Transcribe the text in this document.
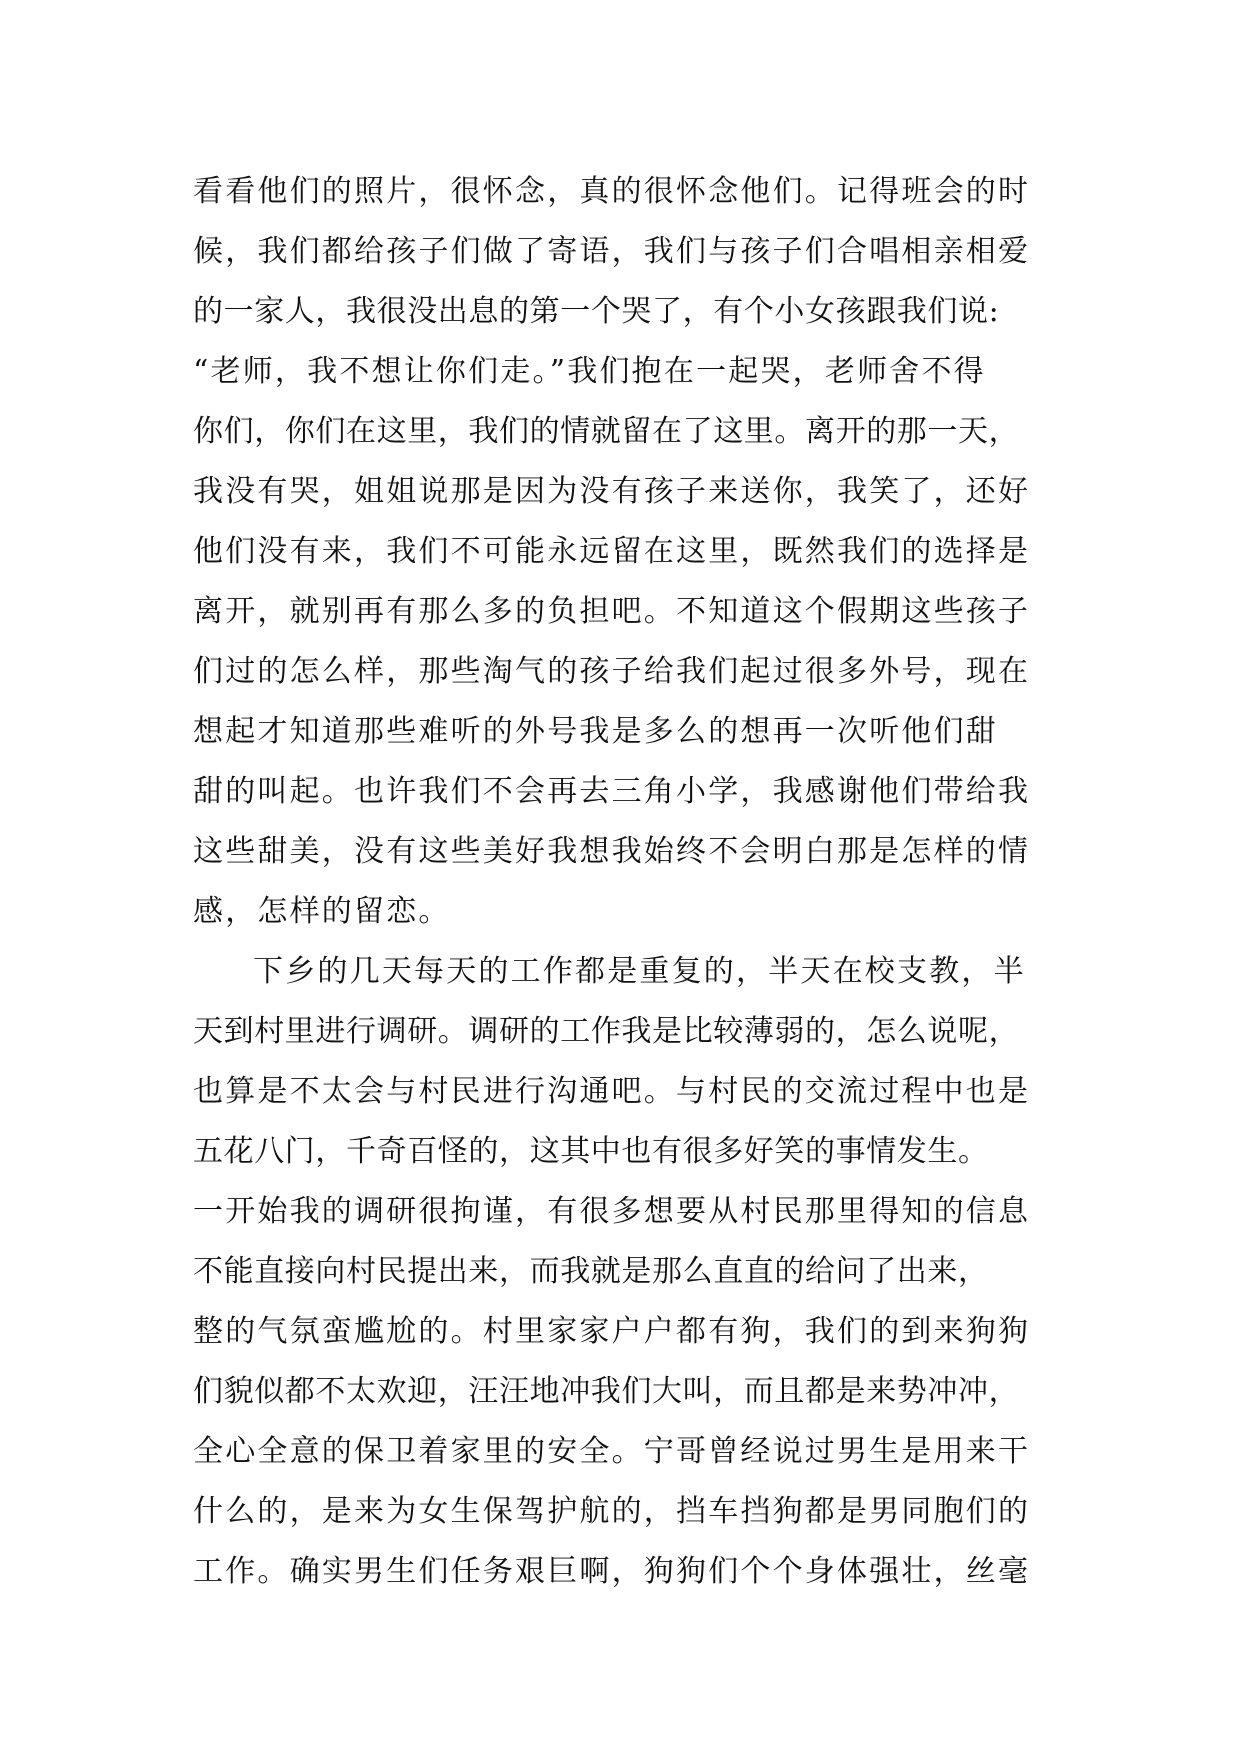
看看他们的照片，很怀念，真的很怀念他们。记得班会的时
候，我们都给孩子们做了寄语，我们与孩子们合唱相亲相爱
的一家人，我很没出息的第一个哭了，有个小女孩跟我们说:
“老师，我不想让你们走。”我们抱在一起哭，老师舍不得
你们，你们在这里，我们的情就留在了这里。离开的那一天，
我没有哭，姐姐说那是因为没有孩子来送你，我笑了，还好
他们没有来，我们不可能永远留在这里，既然我们的选择是
离开，就别再有那么多的负担吧。不知道这个假期这些孩子
们过的怎么样，那些淘气的孩子给我们起过很多外号，现在
想起才知道那些难听的外号我是多么的想再一次听他们甜
甜的叫起。也许我们不会再去三角小学，我感谢他们带给我
这些甜美，没有这些美好我想我始终不会明白那是怎样的情
感，怎样的留恋。
下乡的几天每天的工作都是重复的，半天在校支教，半
天到村里进行调研。调研的工作我是比较薄弱的，怎么说呢，
也算是不太会与村民进行沟通吧。与村民的交流过程中也是
五花八门，千奇百怪的，这其中也有很多好笑的事情发生。
一开始我的调研很拘谨，有很多想要从村民那里得知的信息
不能直接向村民提出来，而我就是那么直直的给问了出来，
整的气氛蛮尴尬的。村里家家户户都有狗，我们的到来狗狗
们貌似都不太欢迎，汪汪地冲我们大叫，而且都是来势冲冲，
全心全意的保卫着家里的安全。宁哥曾经说过男生是用来干
什么的，是来为女生保驾护航的，挡车挡狗都是男同胞们的
工作。确实男生们任务艰巨啊，狗狗们个个身体强壮，丝毫
